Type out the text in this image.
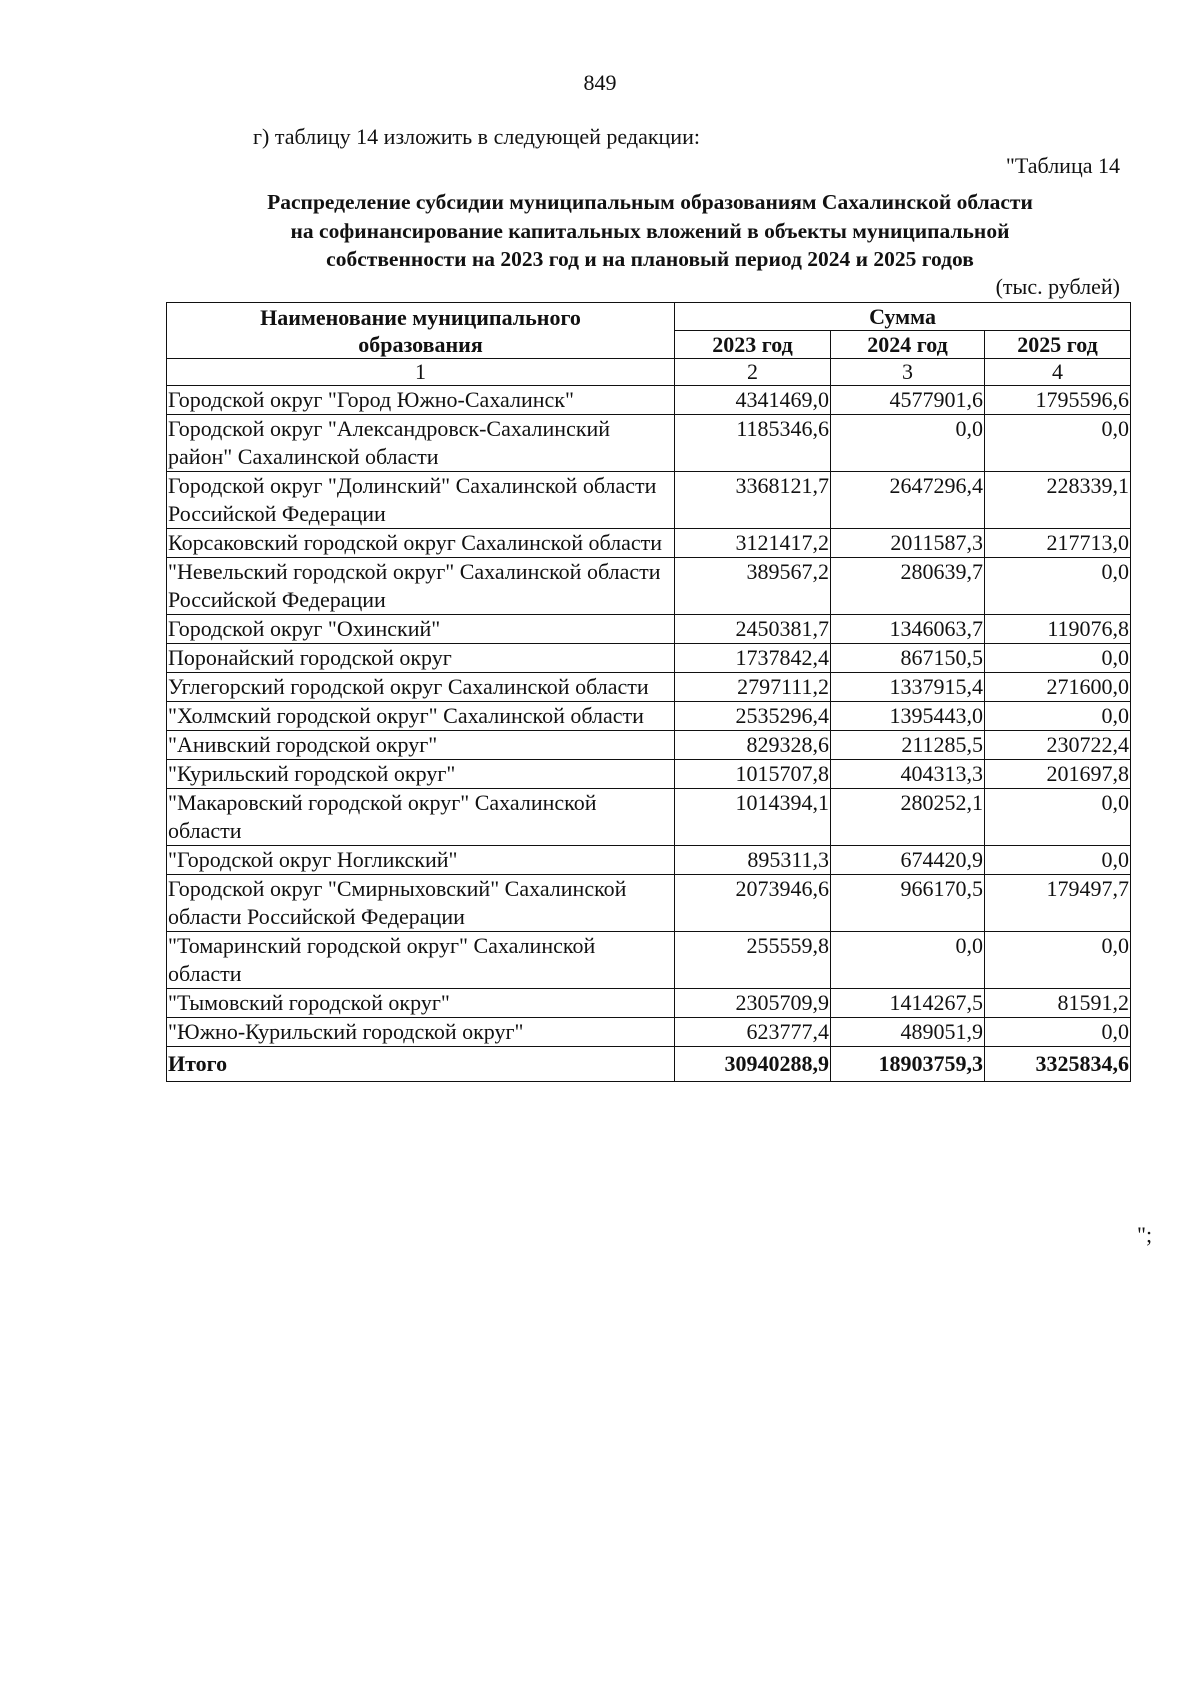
849
г) таблицу 14 изложить в следующей редакции:
"Таблица 14
Распределение субсидии муниципальным образованиям Сахалинской области
на софинансирование капитальных вложений в объекты муниципальной
собственности на 2023 год и на плановый период 2024 и 2025 годов
(тыс. рублей)
Наименование муниципального образования	Сумма		
	2023 год	2024 год	2025 год
1	2	3	4
Городской округ "Город Южно-Сахалинск"	4341469,0	4577901,6	1795596,6
Городской округ "Александровск-Сахалинский район" Сахалинской области	1185346,6	0,0	0,0
Городской округ "Долинский" Сахалинской области Российской Федерации	3368121,7	2647296,4	228339,1
Корсаковский городской округ Сахалинской области	3121417,2	2011587,3	217713,0
"Невельский городской округ" Сахалинской области Российской Федерации	389567,2	280639,7	0,0
Городской округ "Охинский"	2450381,7	1346063,7	119076,8
Поронайский городской округ	1737842,4	867150,5	0,0
Углегорский городской округ Сахалинской области	2797111,2	1337915,4	271600,0
"Холмский городской округ" Сахалинской области	2535296,4	1395443,0	0,0
"Анивский городской округ"	829328,6	211285,5	230722,4
"Курильский городской округ"	1015707,8	404313,3	201697,8
"Макаровский городской округ" Сахалинской области	1014394,1	280252,1	0,0
"Городской округ Ногликский"	895311,3	674420,9	0,0
Городской округ "Смирныховский" Сахалинской области Российской Федерации	2073946,6	966170,5	179497,7
"Томаринский городской округ" Сахалинской области	255559,8	0,0	0,0
"Тымовский городской округ"	2305709,9	1414267,5	81591,2
"Южно-Курильский городской округ"	623777,4	489051,9	0,0
Итого	30940288,9	18903759,3	3325834,6
";
